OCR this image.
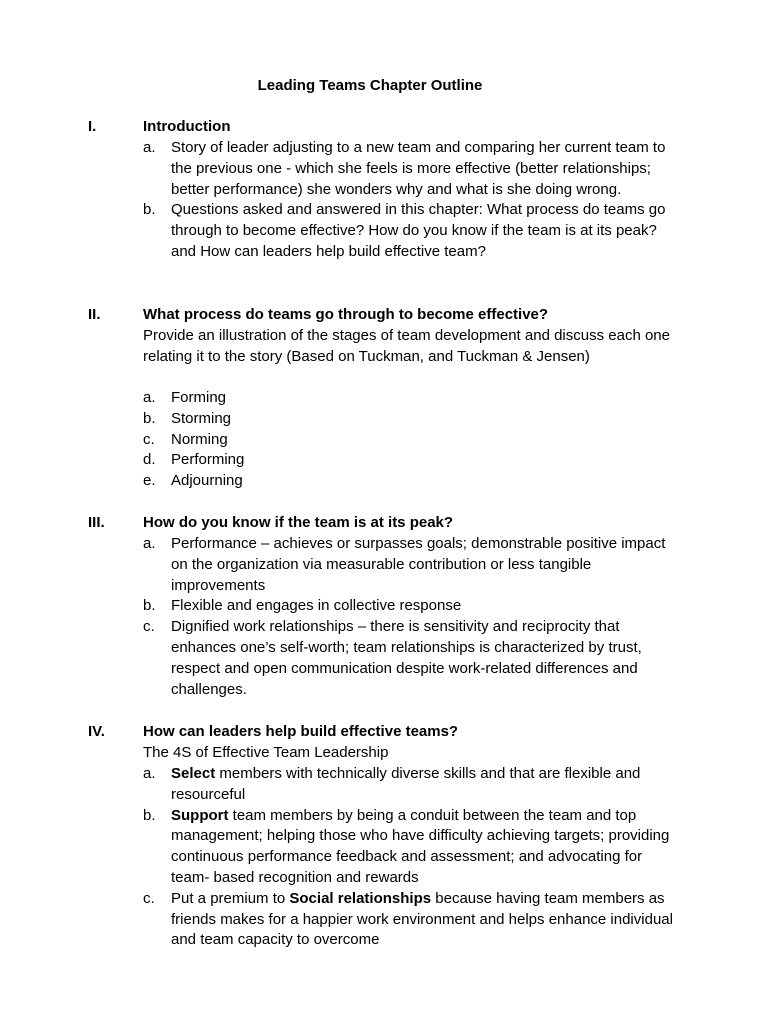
Leading Teams Chapter Outline
I.	Introduction
a. Story of leader adjusting to a new team and comparing her current team to the previous one - which she feels is more effective (better relationships; better performance) she wonders why and what is she doing wrong.
b. Questions asked and answered in this chapter: What process do teams go through to become effective? How do you know if the team is at its peak? and How can leaders help build effective team?
II.	What process do teams go through to become effective?
Provide an illustration of the stages of team development and discuss each one relating it to the story (Based on Tuckman, and Tuckman & Jensen)
a. Forming
b. Storming
c. Norming
d. Performing
e. Adjourning
III.	How do you know if the team is at its peak?
a. Performance – achieves or surpasses goals; demonstrable positive impact on the organization via measurable contribution or less tangible improvements
b. Flexible and engages in collective response
c. Dignified work relationships – there is sensitivity and reciprocity that enhances one’s self-worth; team relationships is characterized by trust, respect and open communication despite work-related differences and challenges.
IV.	How can leaders help build effective teams?
The 4S of Effective Team Leadership
a. Select members with technically diverse skills and that are flexible and resourceful
b. Support team members by being a conduit between the team and top management; helping those who have difficulty achieving targets; providing continuous performance feedback and assessment; and advocating for team- based recognition and rewards
c. Put a premium to Social relationships because having team members as friends makes for a happier work environment and helps enhance individual and team capacity to overcome
